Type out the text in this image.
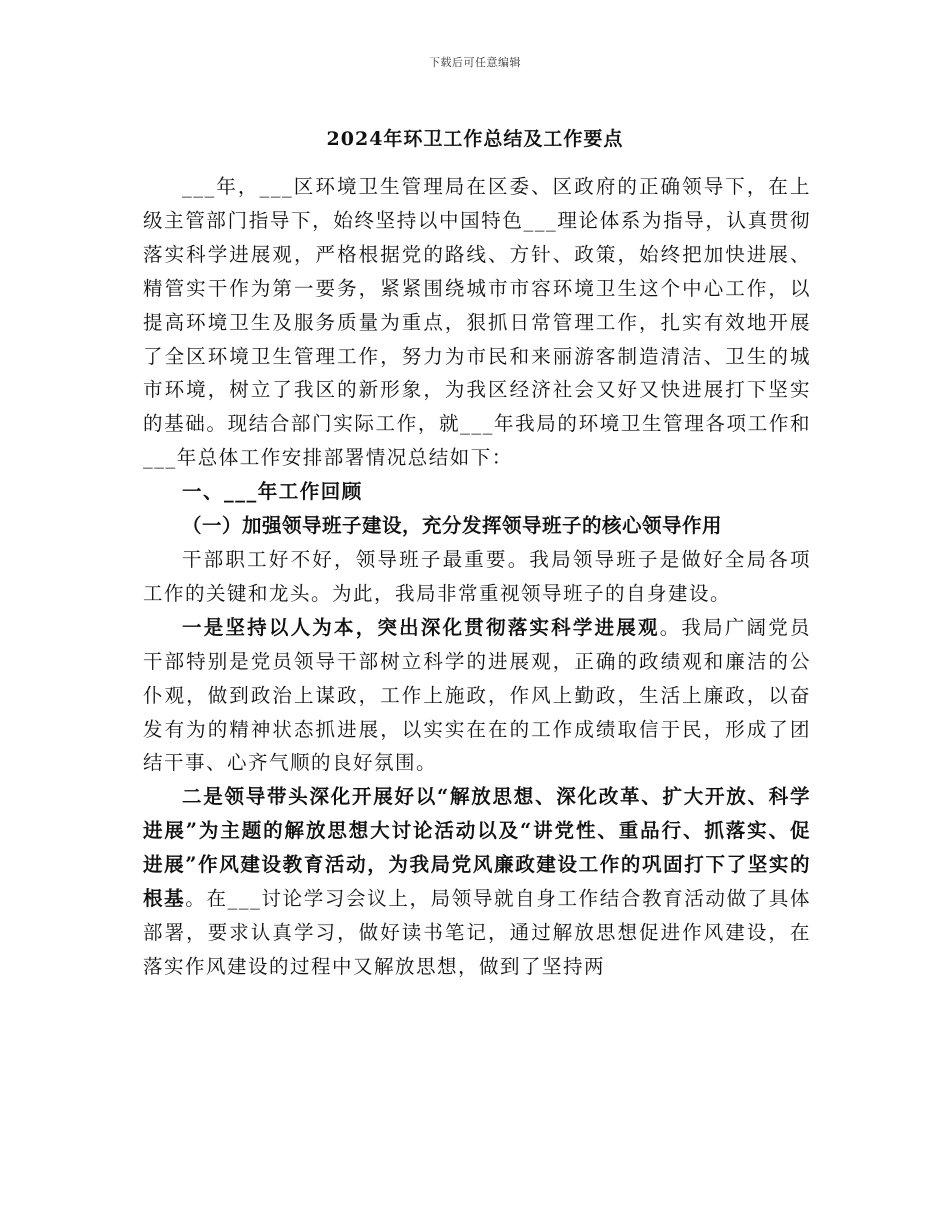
下载后可任意编辑
2024年环卫工作总结及工作要点

___年，___区环境卫生管理局在区委、区政府的正确领导下，在上级主管部门指导下，始终坚持以中国特色___理论体系为指导，认真贯彻落实科学进展观，严格根据党的路线、方针、政策，始终把加快进展、精管实干作为第一要务，紧紧围绕城市市容环境卫生这个中心工作，以提高环境卫生及服务质量为重点，狠抓日常管理工作，扎实有效地开展了全区环境卫生管理工作，努力为市民和来丽游客制造清洁、卫生的城市环境，树立了我区的新形象，为我区经济社会又好又快进展打下坚实的基础。现结合部门实际工作，就___年我局的环境卫生管理各项工作和___年总体工作安排部署情况总结如下：

一、___年工作回顾

（一）加强领导班子建设，充分发挥领导班子的核心领导作用

干部职工好不好，领导班子最重要。我局领导班子是做好全局各项工作的关键和龙头。为此，我局非常重视领导班子的自身建设。

一是坚持以人为本，突出深化贯彻落实科学进展观。我局广阔党员干部特别是党员领导干部树立科学的进展观，正确的政绩观和廉洁的公仆观，做到政治上谋政，工作上施政，作风上勤政，生活上廉政，以奋发有为的精神状态抓进展，以实实在在的工作成绩取信于民，形成了团结干事、心齐气顺的良好氛围。

二是领导带头深化开展好以“解放思想、深化改革、扩大开放、科学进展”为主题的解放思想大讨论活动以及“讲党性、重品行、抓落实、促进展”作风建设教育活动，为我局党风廉政建设工作的巩固打下了坚实的根基。在___讨论学习会议上，局领导就自身工作结合教育活动做了具体部署，要求认真学习，做好读书笔记，通过解放思想促进作风建设，在落实作风建设的过程中又解放思想，做到了坚持两
